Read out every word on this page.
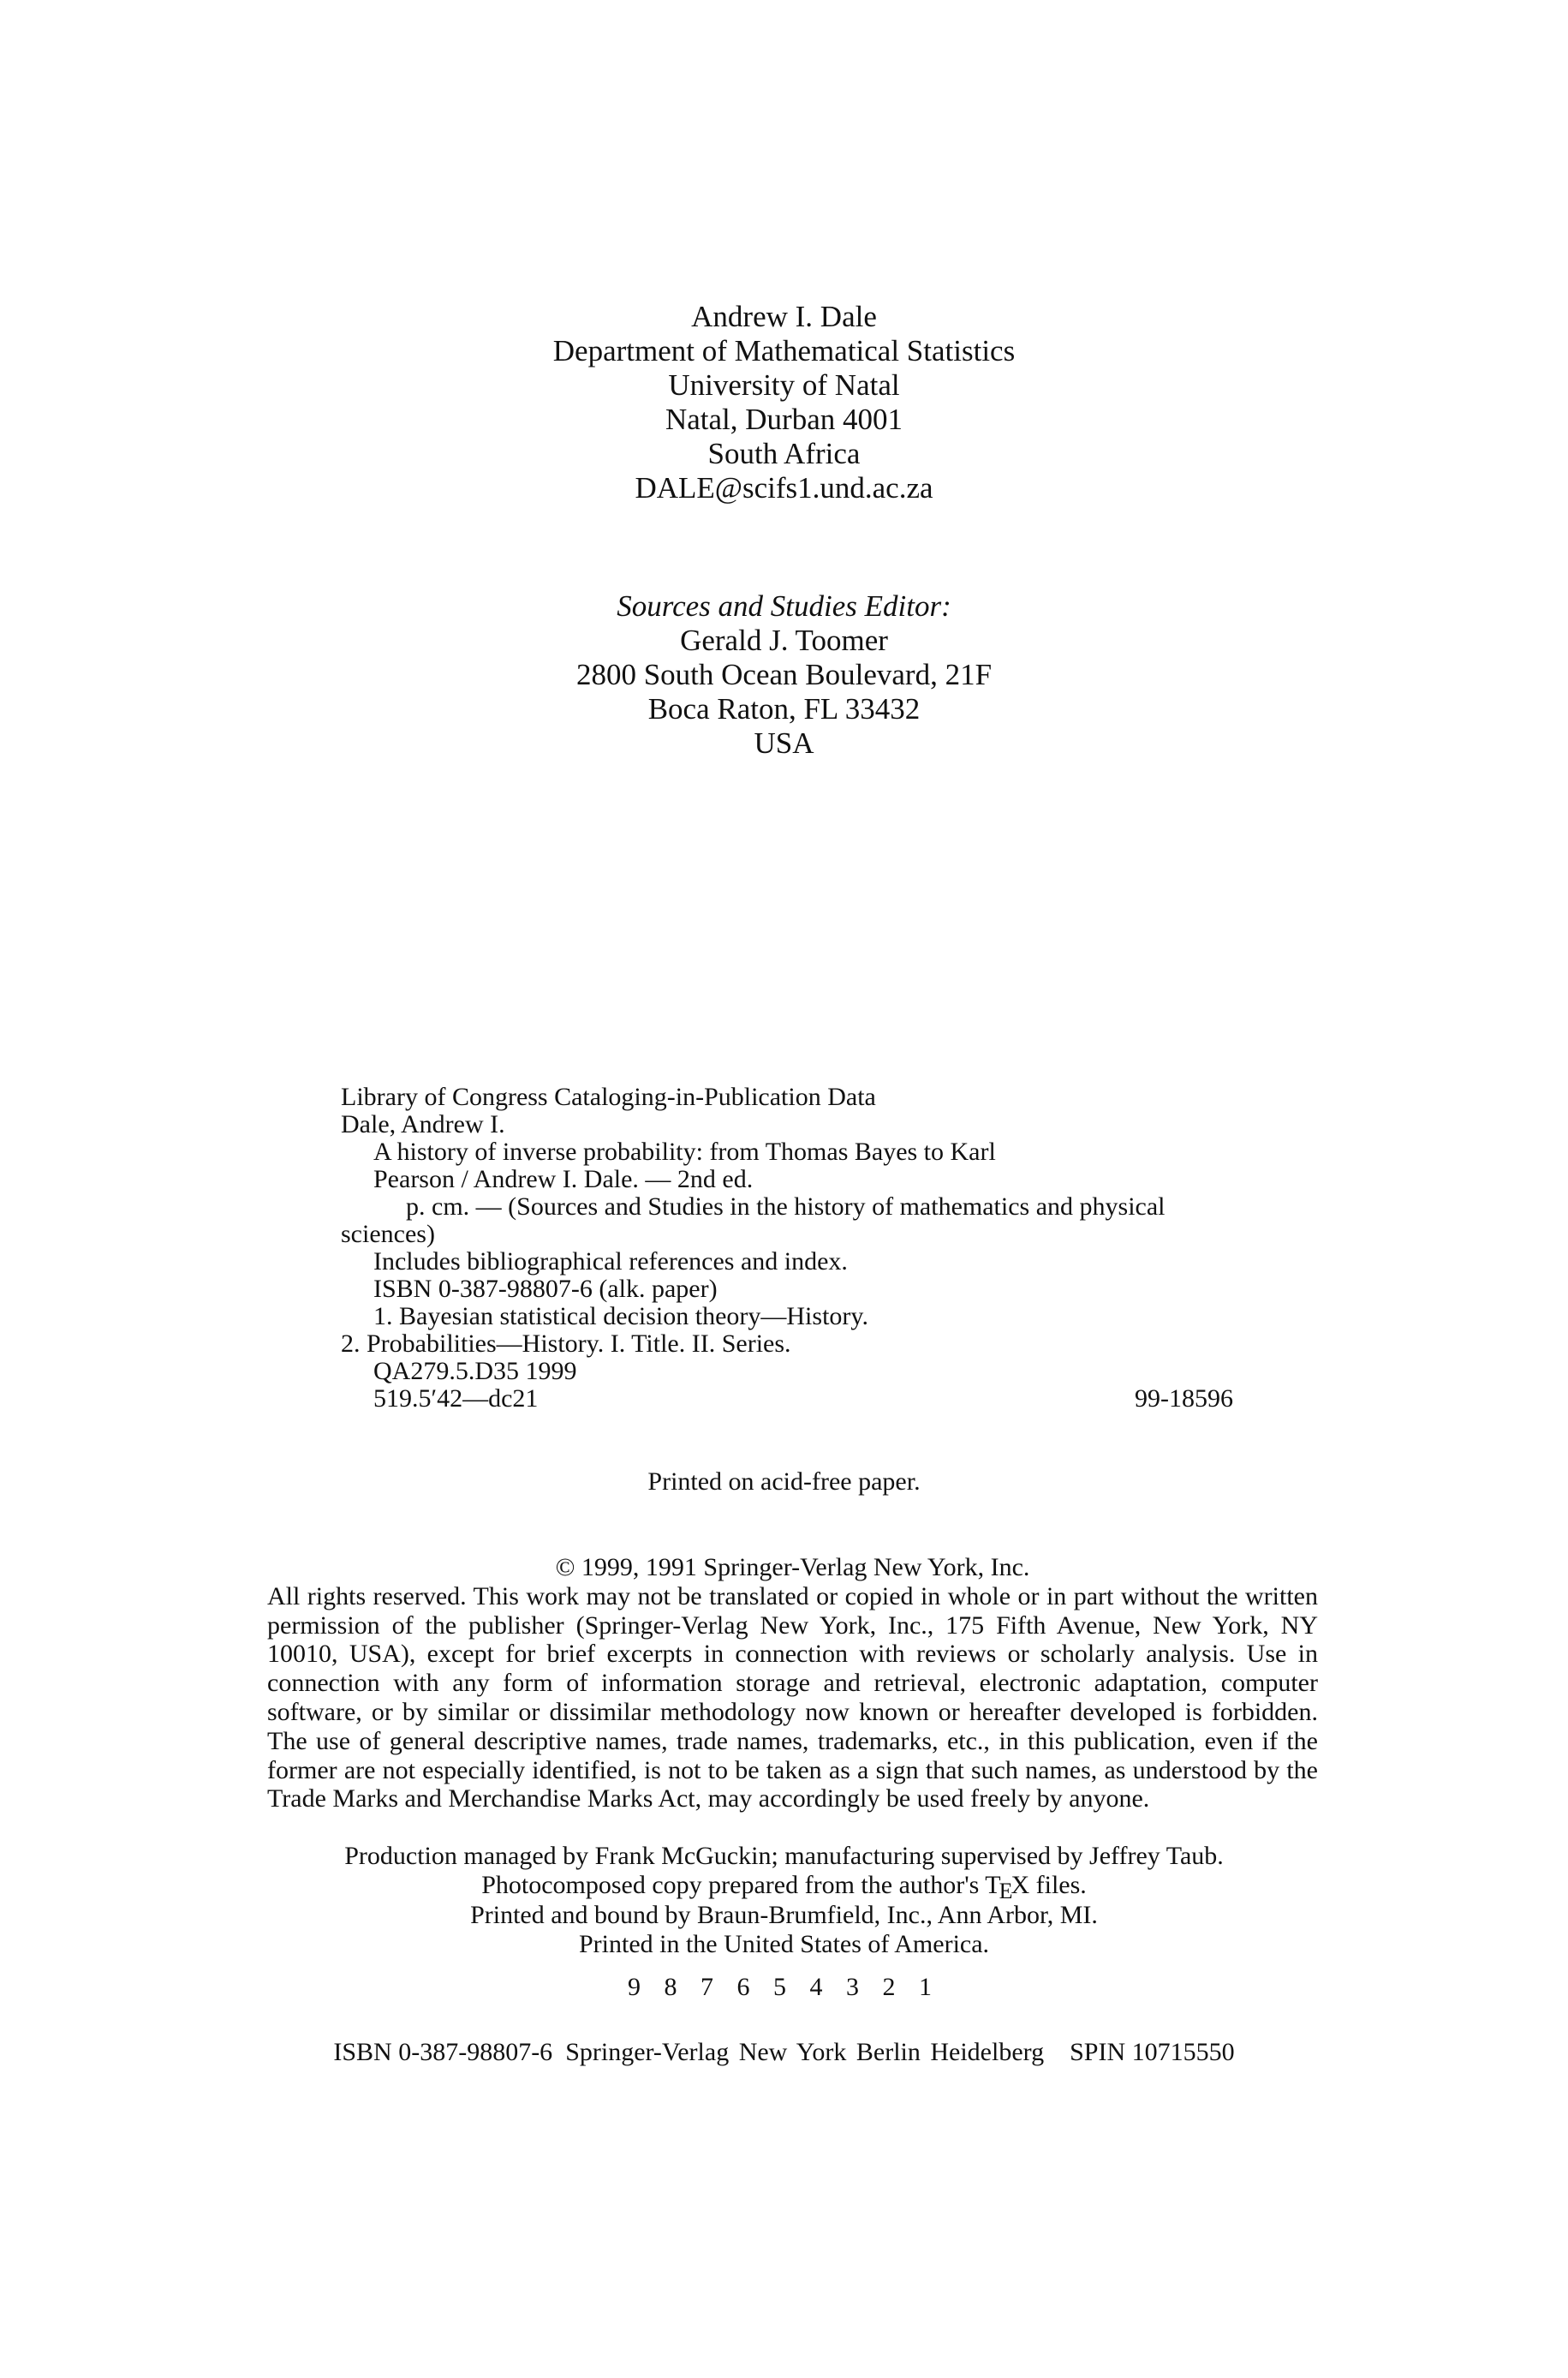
Andrew I. Dale
Department of Mathematical Statistics
University of Natal
Natal, Durban 4001
South Africa
DALE@scifs1.und.ac.za
Sources and Studies Editor:
Gerald J. Toomer
2800 South Ocean Boulevard, 21F
Boca Raton, FL 33432
USA
Library of Congress Cataloging-in-Publication Data
Dale, Andrew I.
A history of inverse probability: from Thomas Bayes to Karl
Pearson / Andrew I. Dale. — 2nd ed.
p. cm. — (Sources and Studies in the history of mathematics and physical
sciences)
Includes bibliographical references and index.
ISBN 0-387-98807-6 (alk. paper)
1. Bayesian statistical decision theory—History.
2. Probabilities—History. I. Title. II. Series.
QA279.5.D35 1999
519.5′42—dc21	99-18596
Printed on acid-free paper.
© 1999, 1991 Springer-Verlag New York, Inc.
All rights reserved. This work may not be translated or copied in whole or in part without the written permission of the publisher (Springer-Verlag New York, Inc., 175 Fifth Avenue, New York, NY 10010, USA), except for brief excerpts in connection with reviews or scholarly analysis. Use in connection with any form of information storage and retrieval, electronic adaptation, computer software, or by similar or dissimilar methodology now known or hereafter developed is forbidden. The use of general descriptive names, trade names, trademarks, etc., in this publication, even if the former are not especially identified, is not to be taken as a sign that such names, as understood by the Trade Marks and Merchandise Marks Act, may accordingly be used freely by anyone.
Production managed by Frank McGuckin; manufacturing supervised by Jeffrey Taub.
Photocomposed copy prepared from the author's TEX files.
Printed and bound by Braun-Brumfield, Inc., Ann Arbor, MI.
Printed in the United States of America.
9 8 7 6 5 4 3 2 1
ISBN 0-387-98807-6 Springer-Verlag New York Berlin Heidelberg SPIN 10715550
